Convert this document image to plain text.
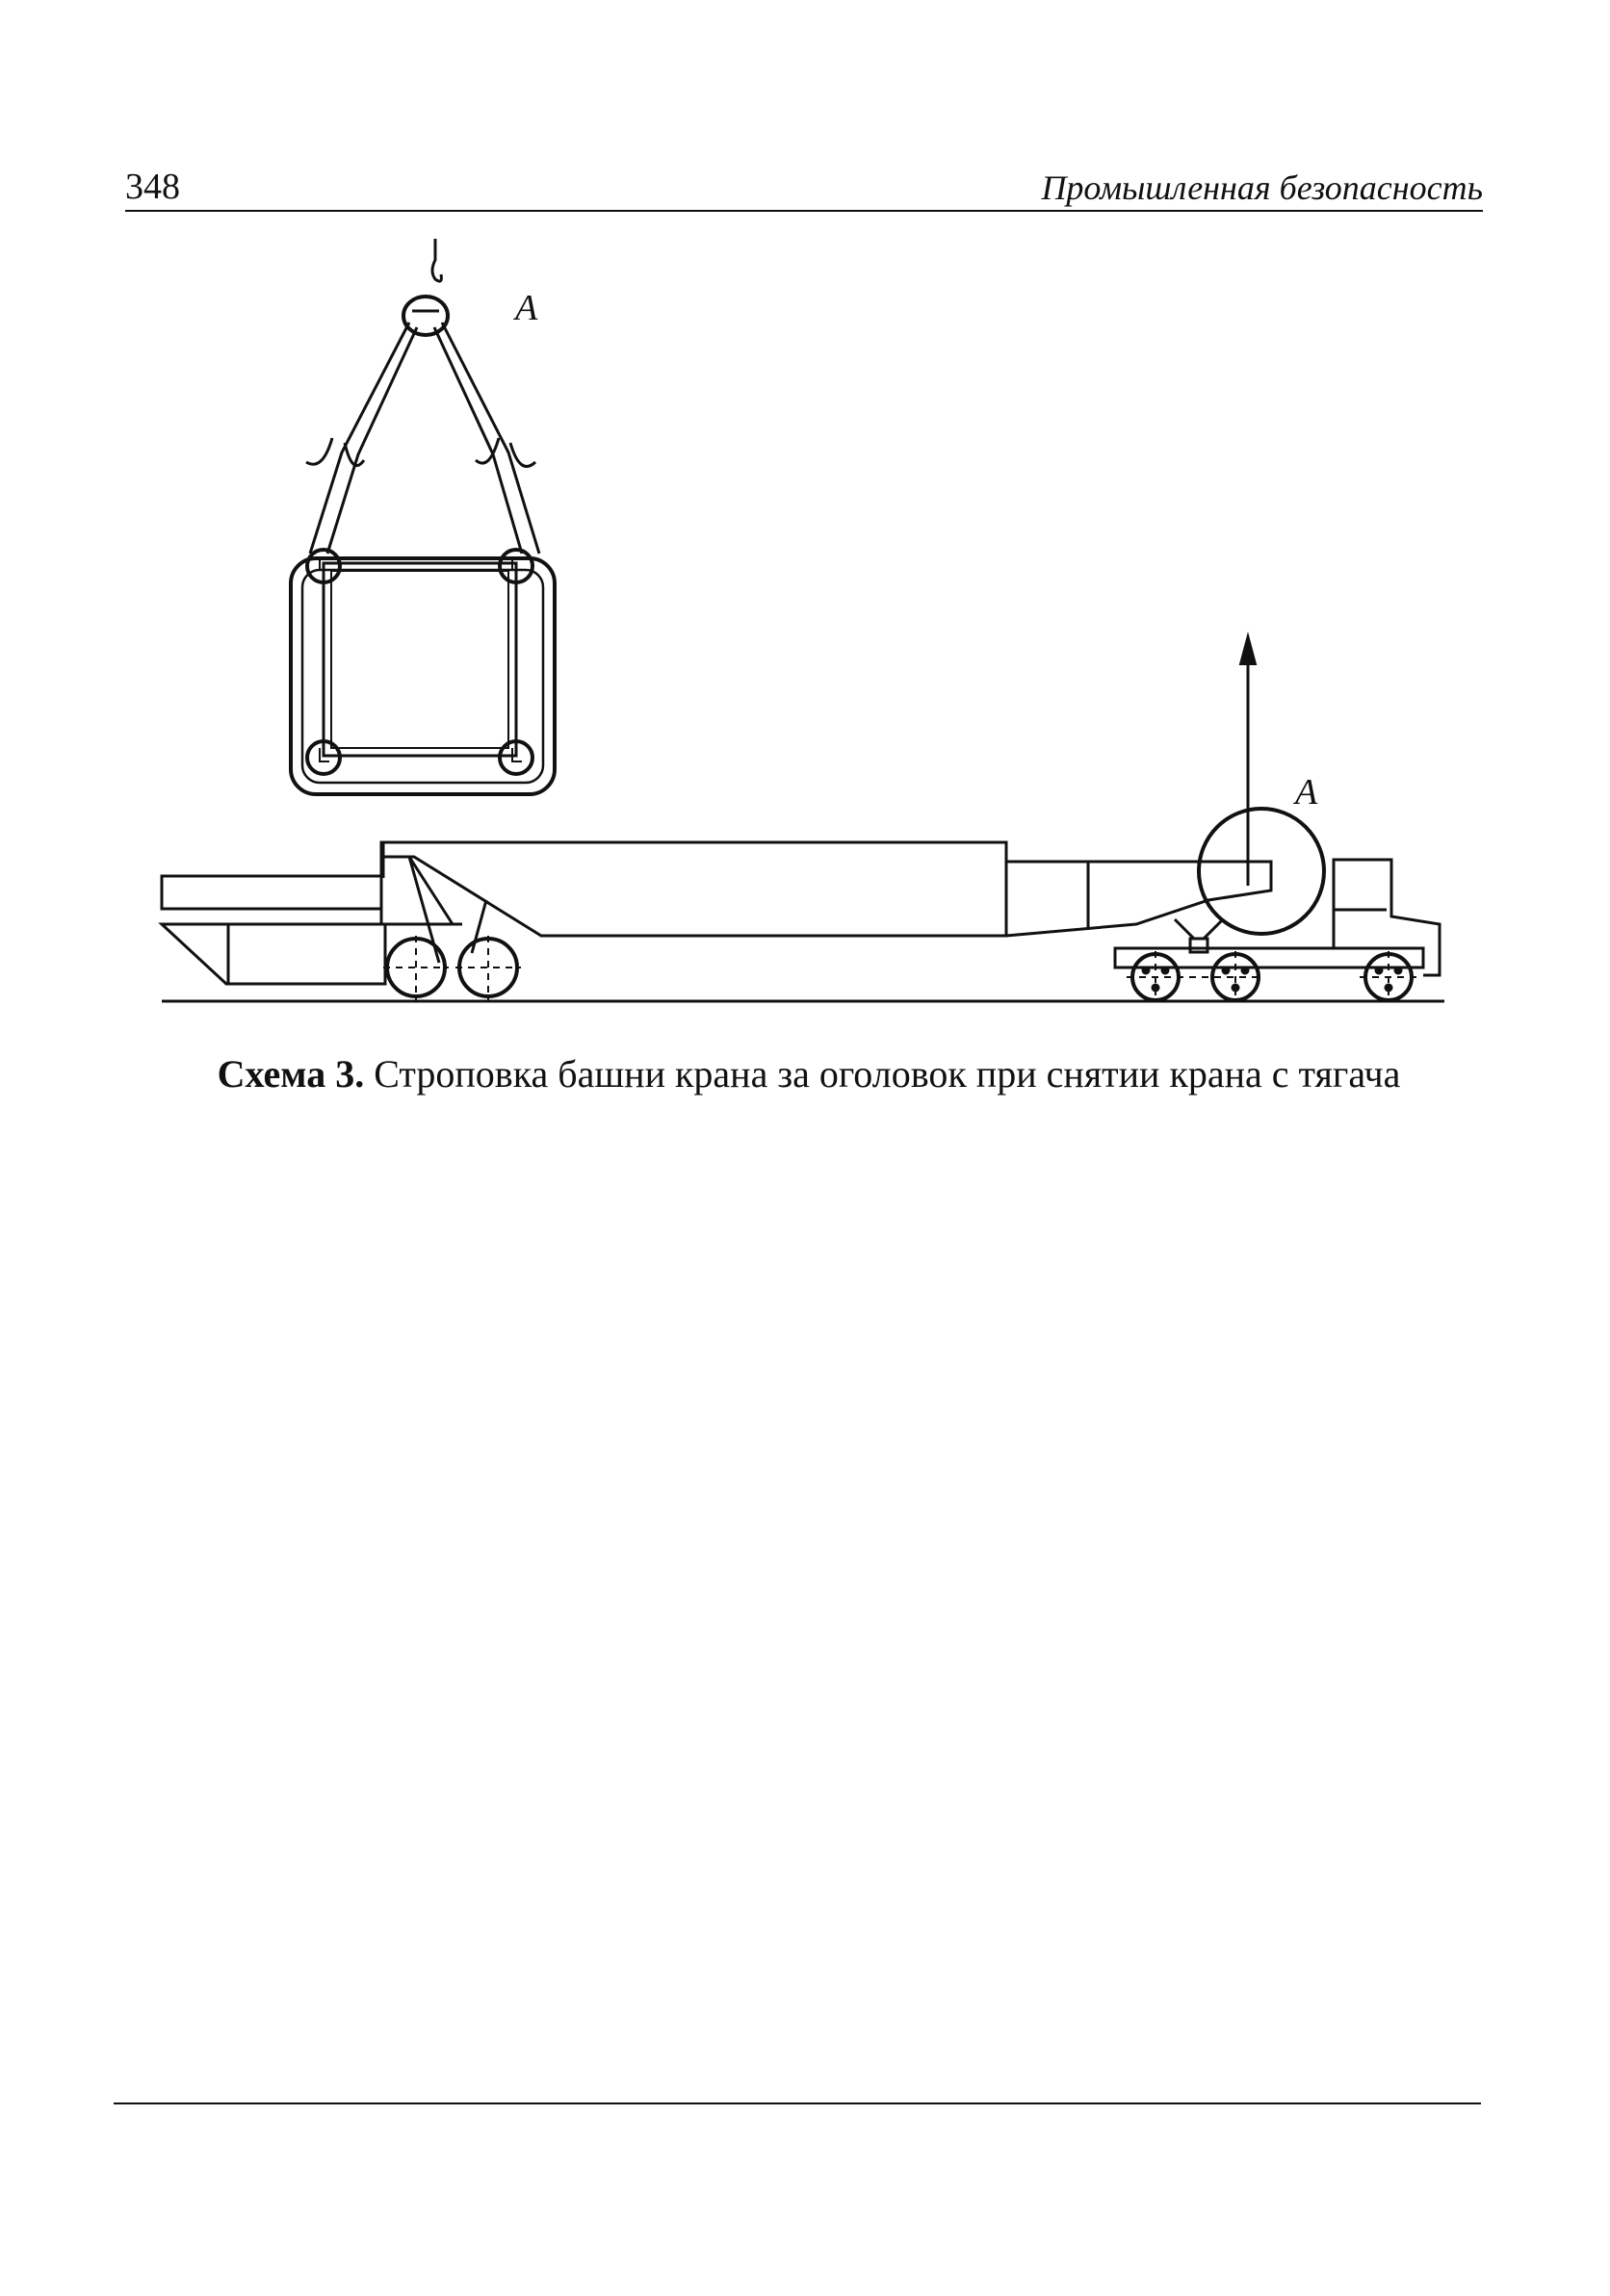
348	Промышленная безопасность
А
А
Схема 3. Строповка башни крана за оголовок при снятии крана с тягача
